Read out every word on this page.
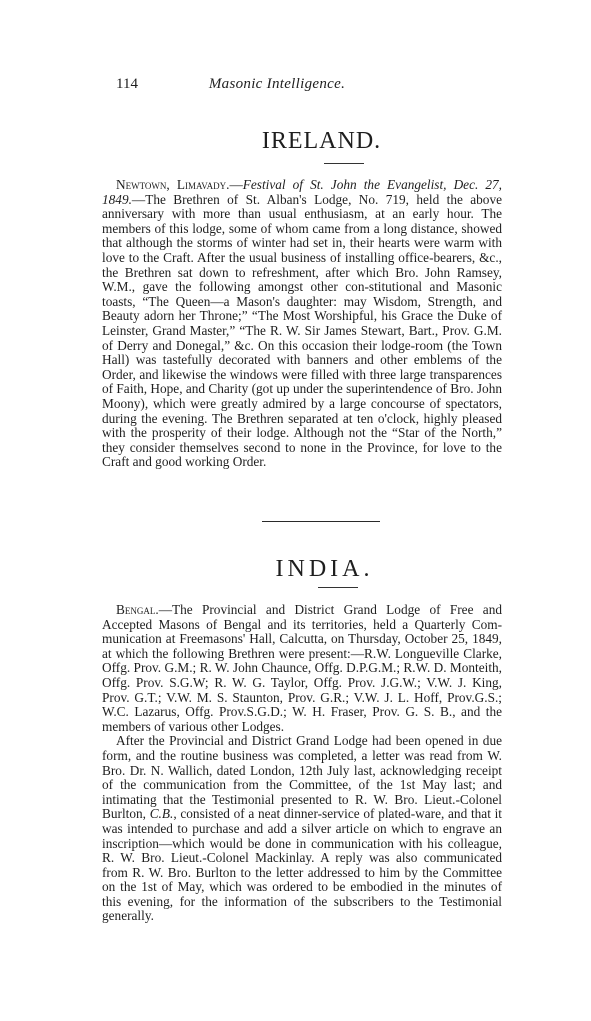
114	Masonic Intelligence.
IRELAND.

Newtown, Limavady.—Festival of St. John the Evangelist, Dec. 27, 1849.—The Brethren of St. Alban's Lodge, No. 719, held the above anniversary with more than usual enthusiasm, at an early hour. The members of this lodge, some of whom came from a long distance, showed that although the storms of winter had set in, their hearts were warm with love to the Craft. After the usual business of installing office-bearers, &c., the Brethren sat down to refreshment, after which Bro. John Ramsey, W.M., gave the following amongst other con-stitutional and Masonic toasts, “The Queen—a Mason's daughter: may Wisdom, Strength, and Beauty adorn her Throne;” “The Most Worshipful, his Grace the Duke of Leinster, Grand Master,” “The R. W. Sir James Stewart, Bart., Prov. G.M. of Derry and Donegal,” &c. On this occasion their lodge-room (the Town Hall) was tastefully decorated with banners and other emblems of the Order, and likewise the windows were filled with three large transparences of Faith, Hope, and Charity (got up under the superintendence of Bro. John Moony), which were greatly admired by a large concourse of spectators, during the evening. The Brethren separated at ten o'clock, highly pleased with the prosperity of their lodge. Although not the “Star of the North,” they consider themselves second to none in the Province, for love to the Craft and good working Order.

INDIA.

Bengal.—The Provincial and District Grand Lodge of Free and Accepted Masons of Bengal and its territories, held a Quarterly Com-munication at Freemasons' Hall, Calcutta, on Thursday, October 25, 1849, at which the following Brethren were present:—R.W. Longueville Clarke, Offg. Prov. G.M.; R. W. John Chaunce, Offg. D.P.G.M.; R.W. D. Monteith, Offg. Prov. S.G.W; R. W. G. Taylor, Offg. Prov. J.G.W.; V.W. J. King, Prov. G.T.; V.W. M. S. Staunton, Prov. G.R.; V.W. J. L. Hoff, Prov.G.S.; W.C. Lazarus, Offg. Prov.S.G.D.; W. H. Fraser, Prov. G. S. B., and the members of various other Lodges.

After the Provincial and District Grand Lodge had been opened in due form, and the routine business was completed, a letter was read from W. Bro. Dr. N. Wallich, dated London, 12th July last, acknowledging receipt of the communication from the Committee, of the 1st May last; and intimating that the Testimonial presented to R. W. Bro. Lieut.-Colonel Burlton, C.B., consisted of a neat dinner-service of plated-ware, and that it was intended to purchase and add a silver article on which to engrave an inscription—which would be done in communication with his colleague, R. W. Bro. Lieut.-Colonel Mackinlay. A reply was also communicated from R. W. Bro. Burlton to the letter addressed to him by the Committee on the 1st of May, which was ordered to be embodied in the minutes of this evening, for the information of the subscribers to the Testimonial generally.
